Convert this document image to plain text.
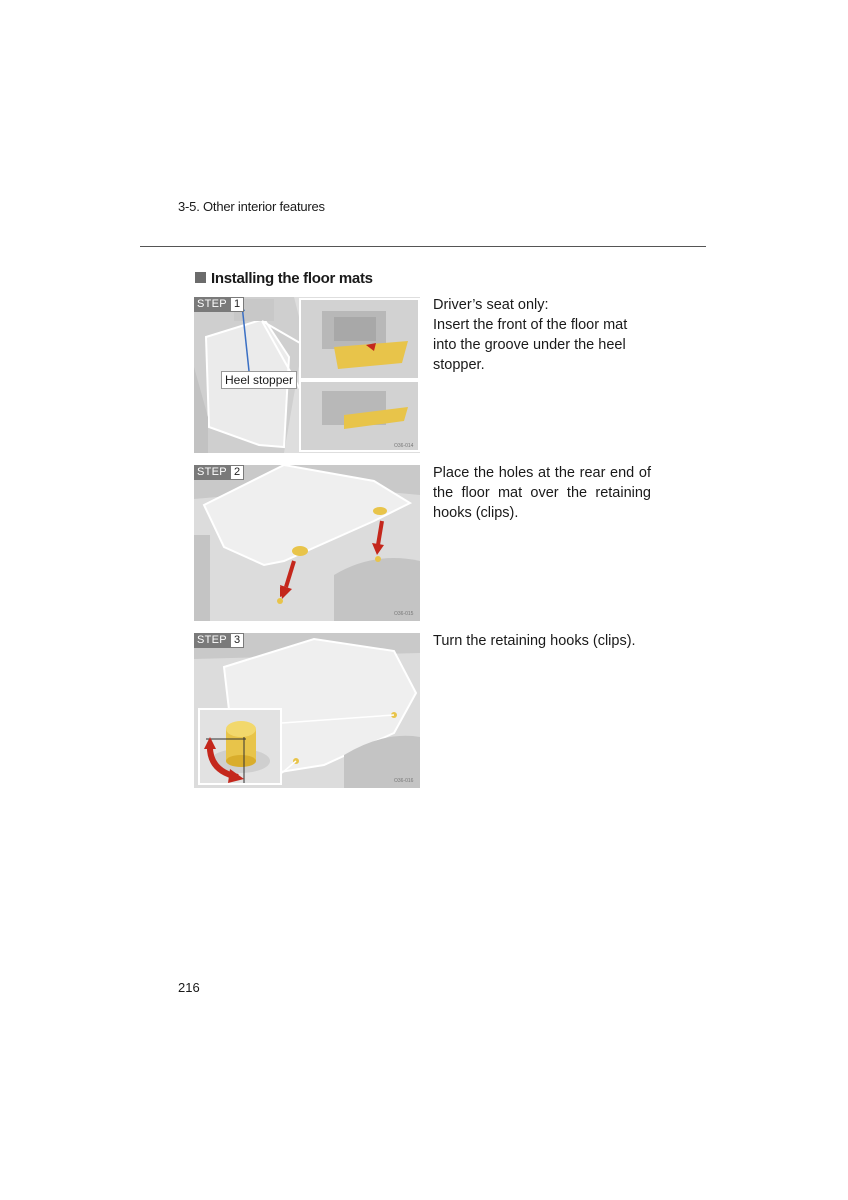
3-5. Other interior features
Installing the floor mats
STEP 1
O36-014
Heel stopper

Driver’s seat only:

Insert the front of the floor mat into the groove under the heel stopper.

STEP 2
O36-015

Place the holes at the rear end of the floor mat over the retaining hooks (clips).

STEP 3
O36-016

Turn the retaining hooks (clips).

216
